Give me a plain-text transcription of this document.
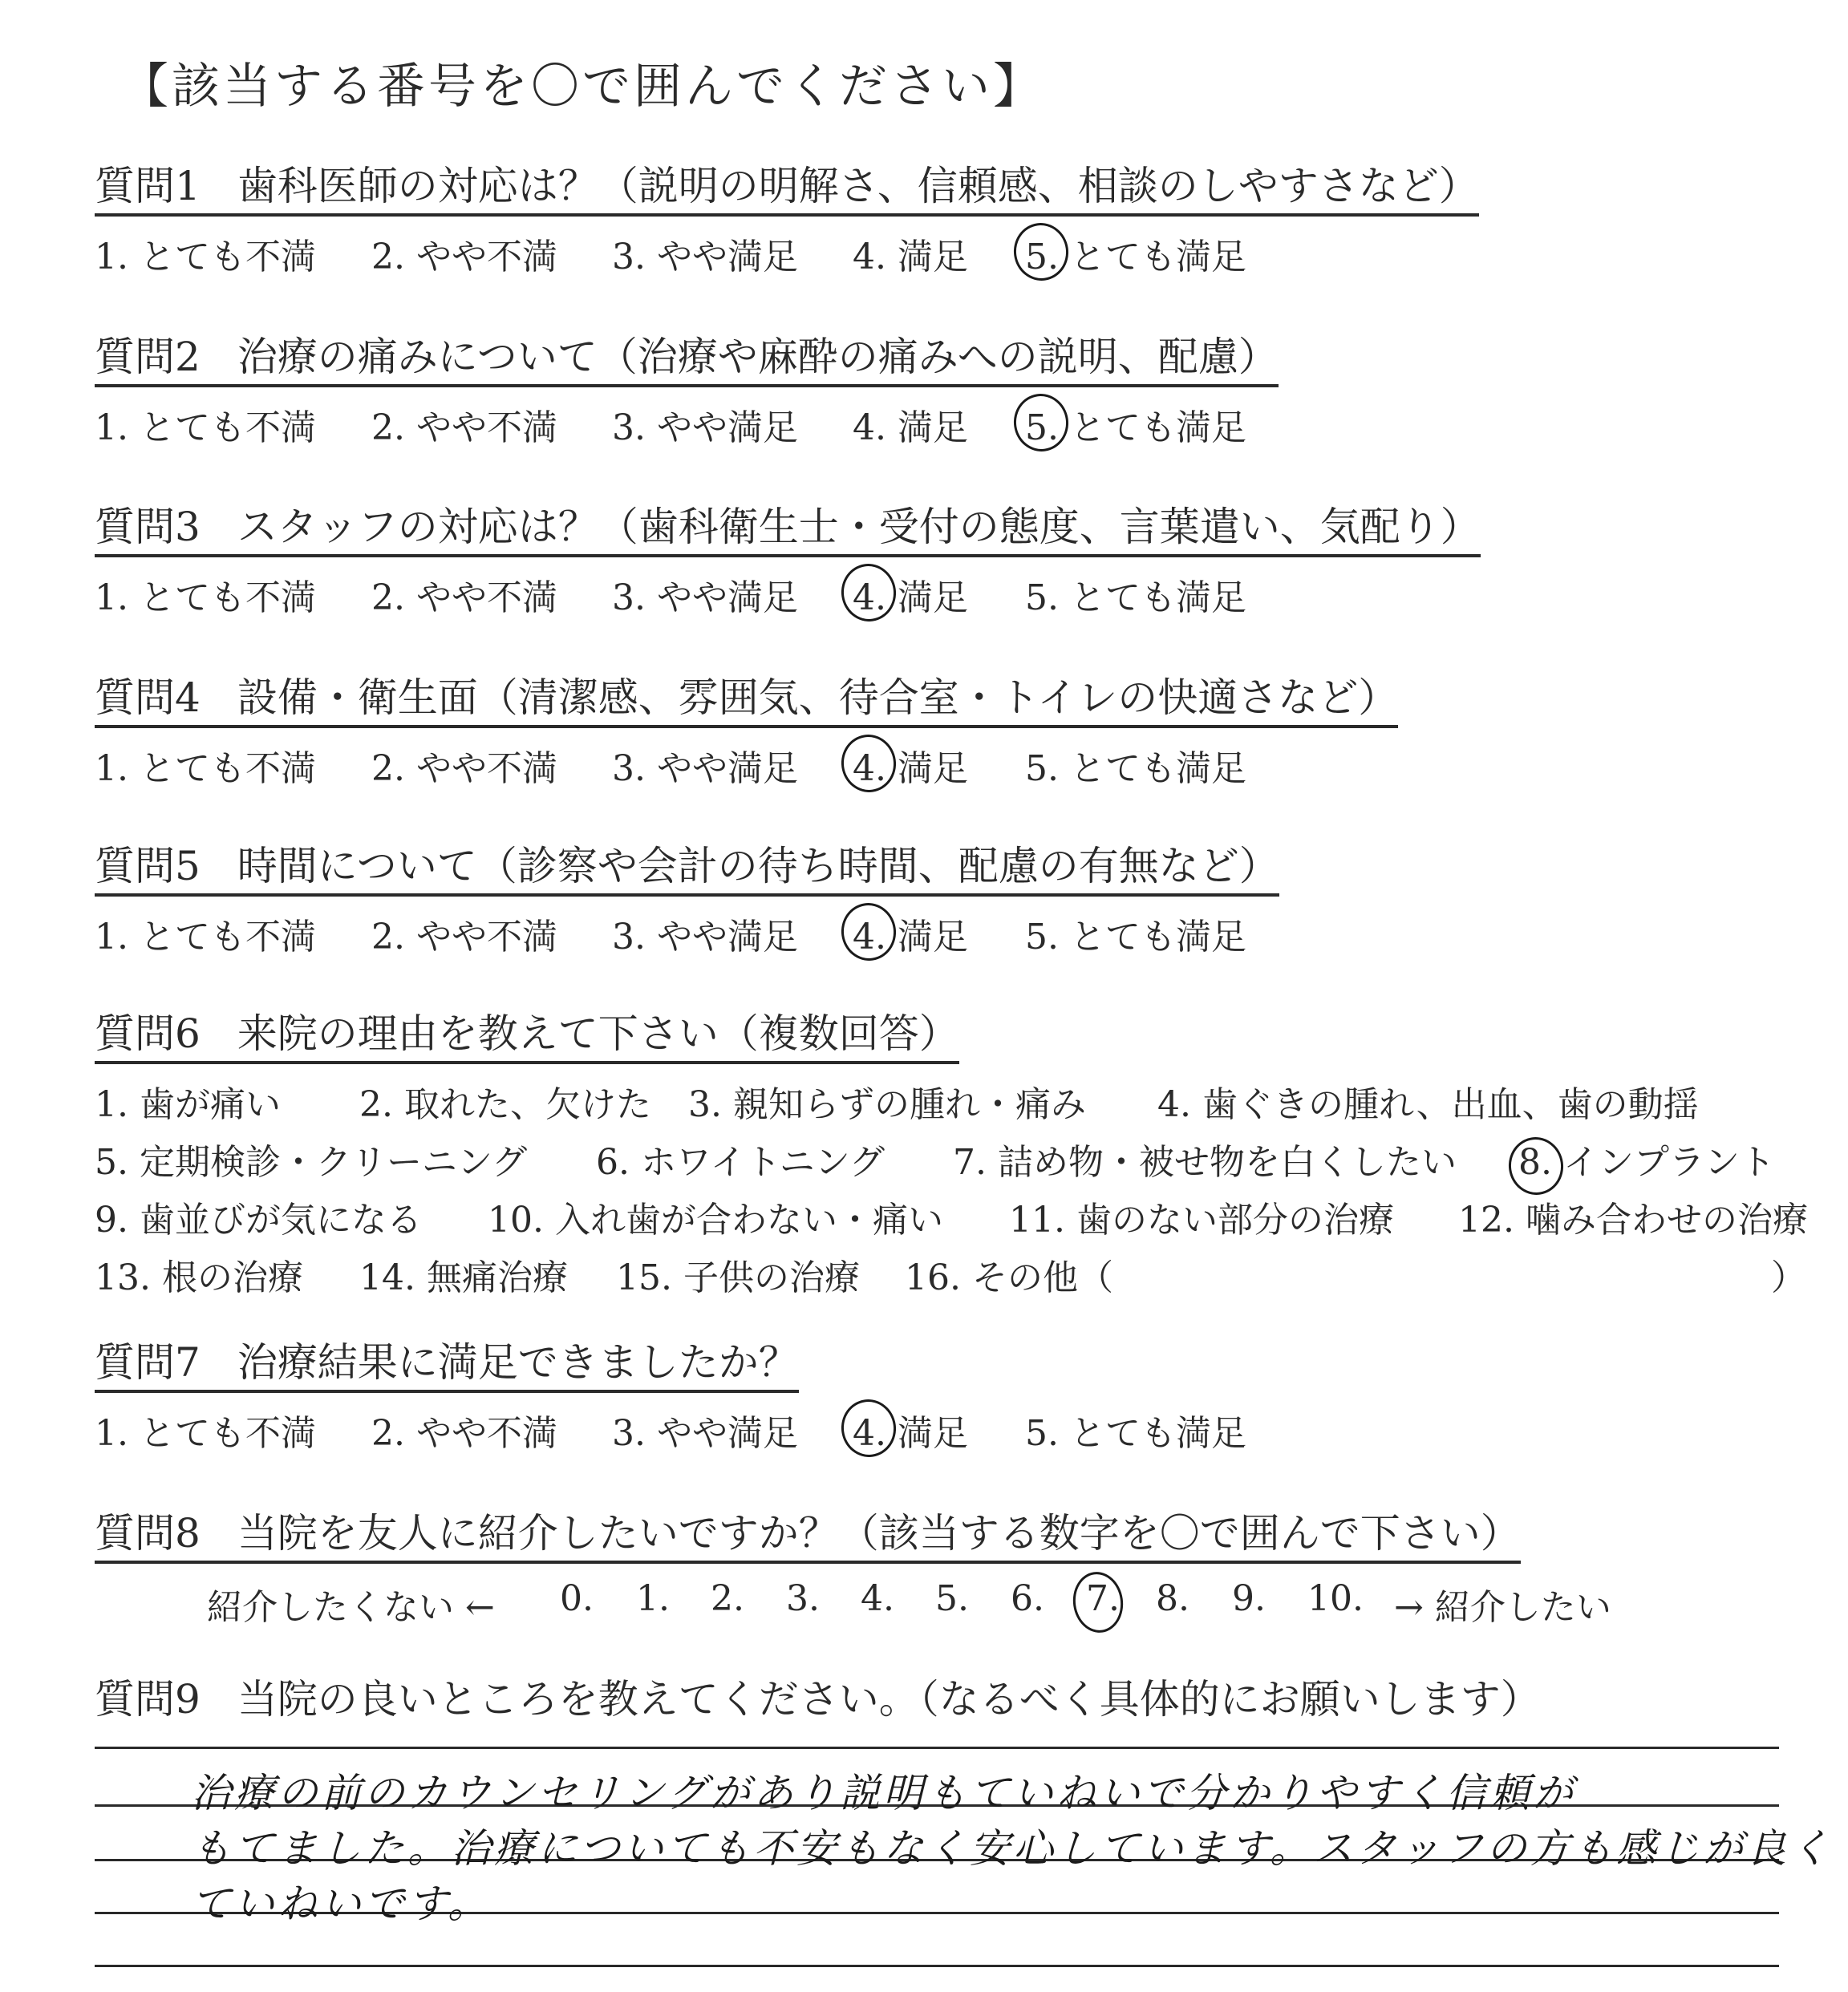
【該当する番号を〇で囲んでください】
質問1 歯科医師の対応は？（説明の明解さ、信頼感、相談のしやすさなど）
1. とても不満 2. やや不満 3. やや満足 4. 満足 5. とても満足
質問2 治療の痛みについて（治療や麻酔の痛みへの説明、配慮）
1. とても不満 2. やや不満 3. やや満足 4. 満足 5. とても満足
質問3 スタッフの対応は？（歯科衛生士・受付の態度、言葉遣い、気配り）
1. とても不満 2. やや不満 3. やや満足 4. 満足 5. とても満足
質問4 設備・衛生面（清潔感、雰囲気、待合室・トイレの快適さなど）
1. とても不満 2. やや不満 3. やや満足 4. 満足 5. とても満足
質問5 時間について（診察や会計の待ち時間、配慮の有無など）
1. とても不満 2. やや不満 3. やや満足 4. 満足 5. とても満足
質問6 来院の理由を教えて下さい（複数回答）
1. 歯が痛い 2. 取れた、欠けた 3. 親知らずの腫れ・痛み 4. 歯ぐきの腫れ、出血、歯の動揺
5. 定期検診・クリーニング 6. ホワイトニング 7. 詰め物・被せ物を白くしたい 8. インプラント
9. 歯並びが気になる 10. 入れ歯が合わない・痛い 11. 歯のない部分の治療 12. 噛み合わせの治療
13. 根の治療 14. 無痛治療 15. 子供の治療 16. その他（	）
質問7 治療結果に満足できましたか？
1. とても不満 2. やや不満 3. やや満足 4. 満足 5. とても満足
質問8 当院を友人に紹介したいですか？（該当する数字を〇で囲んで下さい）
紹介したくない ← 0. 1. 2. 3. 4. 5. 6. 7. 8. 9. 10. → 紹介したい
質問9 当院の良いところを教えてください。（なるべく具体的にお願いします）
治療の前のカウンセリングがあり説明もていねいで分かりやすく信頼が
もてました。治療についても不安もなく安心しています。スタッフの方も感じが良く
ていねいです。
